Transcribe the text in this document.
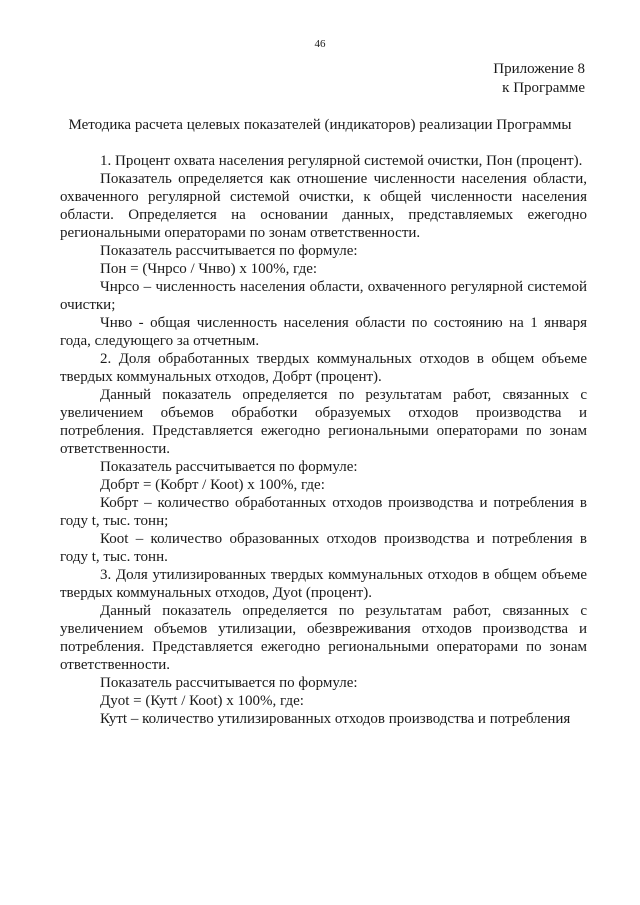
46
Приложение 8
к Программе
Методика расчета целевых показателей (индикаторов) реализации Программы

1. Процент охвата населения регулярной системой очистки, Пон (процент).

Показатель определяется как отношение численности населения области, охваченного регулярной системой очистки, к общей численности населения области. Определяется на основании данных, представляемых ежегодно региональными операторами по зонам ответственности.

Показатель рассчитывается по формуле:

Пон = (Чнрсо / Чнво) x 100%, где:

Чнрсо – численность населения области, охваченного регулярной системой очистки;

Чнво - общая численность населения области по состоянию на 1 января года, следующего за отчетным.

2. Доля обработанных твердых коммунальных отходов в общем объеме твердых коммунальных отходов, Добрт (процент).

Данный показатель определяется по результатам работ, связанных с увеличением объемов обработки образуемых отходов производства и потребления. Представляется ежегодно региональными операторами по зонам ответственности.

Показатель рассчитывается по формуле:

Добрт = (Кобрт / Коot) x 100%, где:

Кобрт – количество обработанных отходов производства и потребления в году t, тыс. тонн;

Коot – количество образованных отходов производства и потребления в году t, тыс. тонн.

3. Доля утилизированных твердых коммунальных отходов в общем объеме твердых коммунальных отходов, Дуot (процент).

Данный показатель определяется по результатам работ, связанных с увеличением объемов утилизации, обезвреживания отходов производства и потребления. Представляется ежегодно региональными операторами по зонам ответственности.

Показатель рассчитывается по формуле:

Дуot = (Кутt / Коot) x 100%, где:

Кутt – количество утилизированных отходов производства и потребления
